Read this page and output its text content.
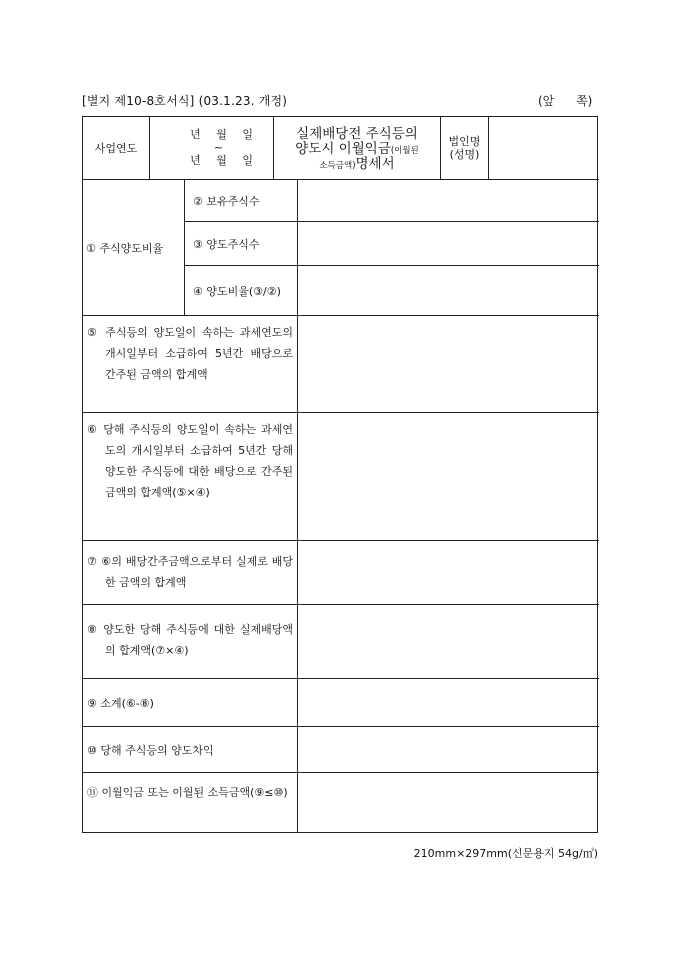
[별지 제10-8호서식] (03.1.23. 개정)	(앞 쪽)
사업연도
년 월 일
~
년 월 일
실제배당전 주식등의
양도시 이월익금(이월된
소득금액)명세서
법인명
(성명)
① 주식양도비율
② 보유주식수
③ 양도주식수
④ 양도비율(③/②)
⑤ 주식등의 양도일이 속하는 과세연도의 개시일부터 소급하여 5년간 배당으로 간주된 금액의 합계액
⑥ 당해 주식등의 양도일이 속하는 과세연도의 개시일부터 소급하여 5년간 당해 양도한 주식등에 대한 배당으로 간주된 금액의 합계액(⑤×④)
⑦ ⑥의 배당간주금액으로부터 실제로 배당한 금액의 합계액
⑧ 양도한 당해 주식등에 대한 실제배당액의 합계액(⑦×④)
⑨ 소계(⑥-⑧)
⑩ 당해 주식등의 양도차익
⑪ 이월익금 또는 이월된 소득금액(⑨≤⑩)
210mm×297mm(신문용지 54g/㎡)
